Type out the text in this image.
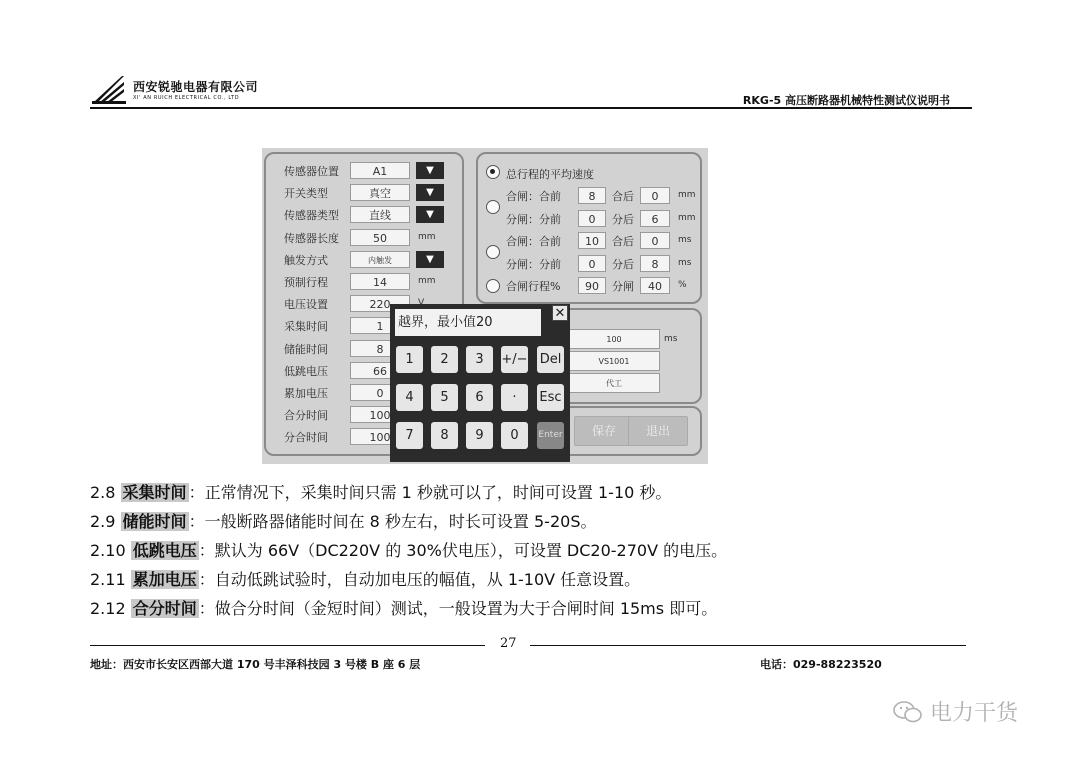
西安锐驰电器有限公司
XI' AN RUICH ELECTRICAL CO., LTD	RKG-5 高压断路器机械特性测试仪说明书
传感器位置	A1	▼
开关类型	真空	▼
传感器类型	直线	▼
传感器长度	50	mm
触发方式	内触发	▼
预制行程	14	mm
电压设置	220
采集时间	1
储能时间	8
低跳电压	66
累加电压	0
合分时间	100
分合时间	100
总行程的平均速度
合闸：合前	8	合后	0	mm
分闸：分前	0	分后	6	mm
合闸：合前	10	合后	0	ms
分闸：分前	0	分后	8	ms
合闸行程%	90	分闸	40	%
100
VS1001
代工
ms
保存	退出
越界，最小值20
✕
1	2	3	+/− Del
4	5	6	·	Esc
7	8	9	0	Enter
2.8 采集时间 ：正常情况下，采集时间只需 1 秒就可以了，时间可设置 1-10 秒。
2.9 储能时间 ：一般断路器储能时间在 8 秒左右，时长可设置 5-20S。
2.10 低跳电压 ：默认为 66V（DC220V 的 30%伏电压），可设置 DC20-270V 的电压。
2.11 累加电压 ：自动低跳试验时，自动加电压的幅值，从 1-10V 任意设置。
2.12 合分时间 ：做合分时间（金短时间）测试，一般设置为大于合闸时间 15ms 即可。
27
地址：西安市长安区西部大道 170 号丰泽科技园 3 号楼 B 座 6 层	电话：029-88223520
电力干货
